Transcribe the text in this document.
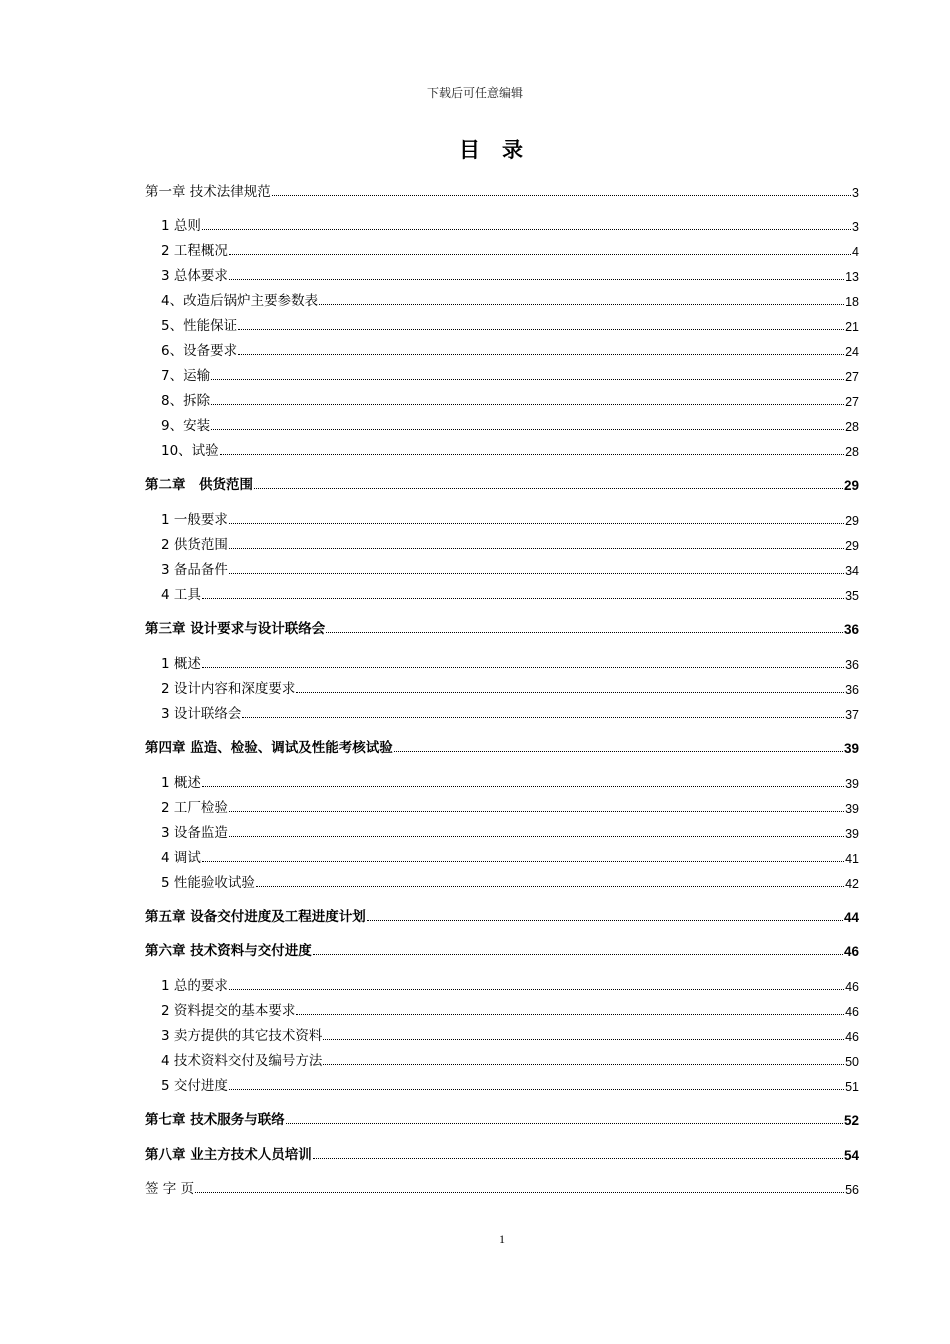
下载后可任意编辑
目录
第一章 技术法律规范	3
1 总则	3
2 工程概况	4
3 总体要求	13
4、改造后锅炉主要参数表	18
5、性能保证	21
6、设备要求	24
7、运输	27
8、拆除	27
9、安装	28
10、试验	28
第二章　供货范围	29
1 一般要求	29
2 供货范围	29
3 备品备件	34
4 工具	35
第三章 设计要求与设计联络会	36
1 概述	36
2 设计内容和深度要求	36
3 设计联络会	37
第四章 监造、检验、调试及性能考核试验	39
1 概述	39
2 工厂检验	39
3 设备监造	39
4 调试	41
5 性能验收试验	42
第五章 设备交付进度及工程进度计划	44
第六章 技术资料与交付进度	46
1 总的要求	46
2 资料提交的基本要求	46
3 卖方提供的其它技术资料	46
4 技术资料交付及编号方法	50
5 交付进度	51
第七章 技术服务与联络	52
第八章 业主方技术人员培训	54
签 字 页	56
1
